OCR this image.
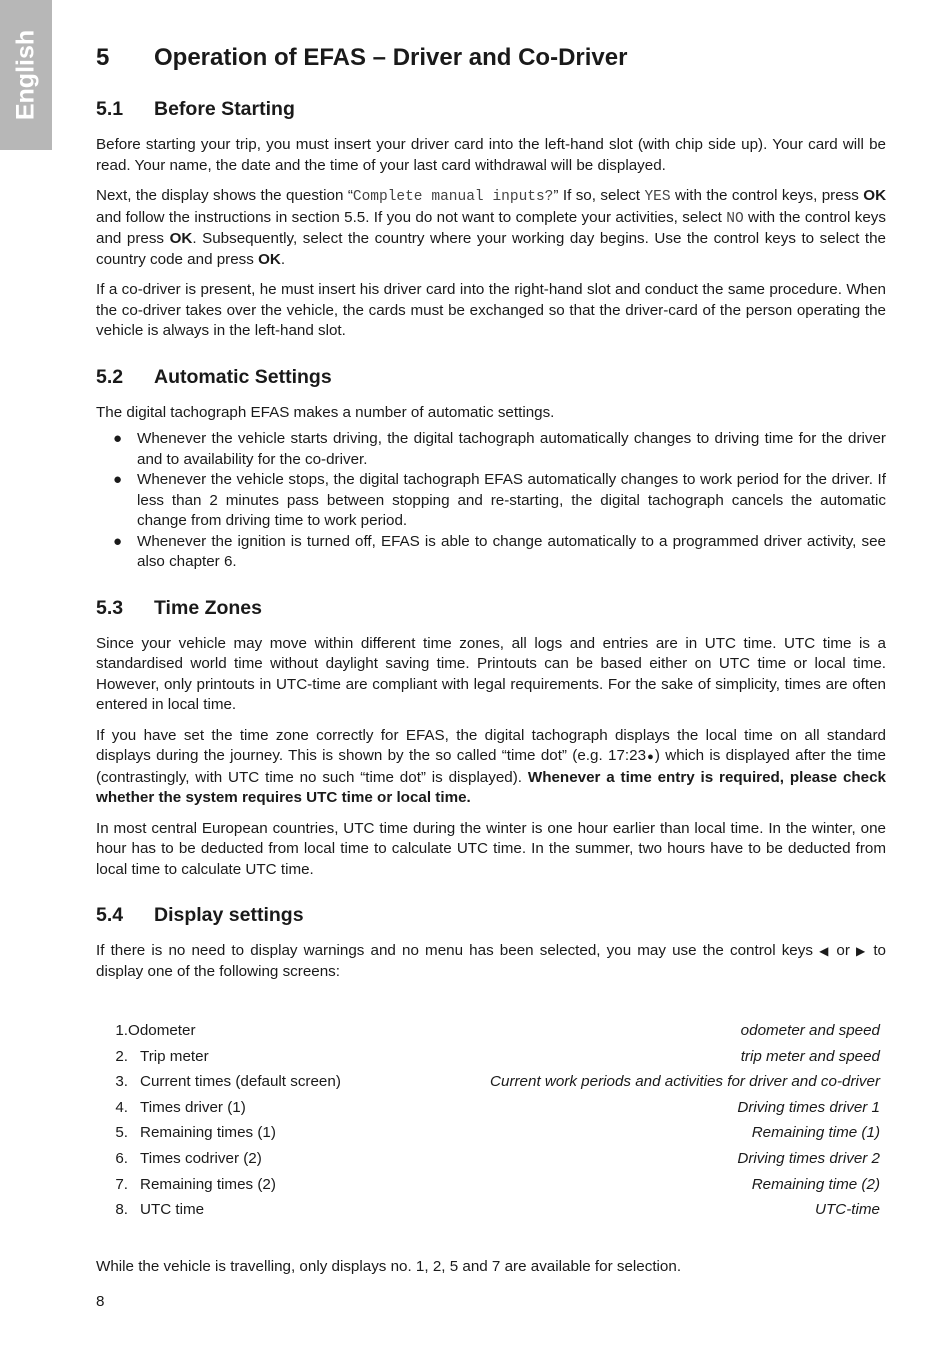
English 5	Operation of EFAS – Driver and Co-Driver
5.1	Before Starting

Before starting your trip, you must insert your driver card into the left-hand slot (with chip side up). Your card will be read. Your name, the date and the time of your last card withdrawal will be displayed.

Next, the display shows the question “Complete manual inputs?” If so, select YES with the control keys, press OK and follow the instructions in section 5.5. If you do not want to complete your activities, select NO with the control keys and press OK. Subsequently, select the country where your working day begins. Use the control keys to select the country code and press OK.

If a co-driver is present, he must insert his driver card into the right-hand slot and conduct the same procedure. When the co-driver takes over the vehicle, the cards must be exchanged so that the driver-card of the person operating the vehicle is always in the left-hand slot.

5.2	Automatic Settings

The digital tachograph EFAS makes a number of automatic settings.

● Whenever the vehicle starts driving, the digital tachograph automatically changes to driving time for the driver and to availability for the co-driver.
● Whenever the vehicle stops, the digital tachograph EFAS automatically changes to work period for the driver. If less than 2 minutes pass between stopping and re-starting, the digital tachograph cancels the automatic change from driving time to work period.
● Whenever the ignition is turned off, EFAS is able to change automatically to a programmed driver activity, see also chapter 6.
5.3	Time Zones

Since your vehicle may move within different time zones, all logs and entries are in UTC time. UTC time is a standardised world time without daylight saving time. Printouts can be based either on UTC time or local time. However, only printouts in UTC-time are compliant with legal requirements. For the sake of simplicity, times are often entered in local time.

If you have set the time zone correctly for EFAS, the digital tachograph displays the local time on all standard displays during the journey. This is shown by the so called “time dot” (e.g. 17:23●) which is displayed after the time (contrastingly, with UTC time no such “time dot” is displayed). Whenever a time entry is required, please check whether the system requires UTC time or local time.

In most central European countries, UTC time during the winter is one hour earlier than local time. In the winter, one hour has to be deducted from local time to calculate UTC time. In the summer, two hours have to be deducted from local time to calculate UTC time.

5.4	Display settings

If there is no need to display warnings and no menu has been selected, you may use the control keys ◀ or ▶ to display one of the following screens:

1. Odometer	odometer and speed
2. Trip meter	trip meter and speed
3. Current times (default screen)	Current work periods and activities for driver and co-driver
4. Times driver (1)	Driving times driver 1
5. Remaining times (1)	Remaining time (1)
6. Times codriver (2)	Driving times driver 2
7. Remaining times (2)	Remaining time (2)
8. UTC time	UTC-time

While the vehicle is travelling, only displays no. 1, 2, 5 and 7 are available for selection.

8
